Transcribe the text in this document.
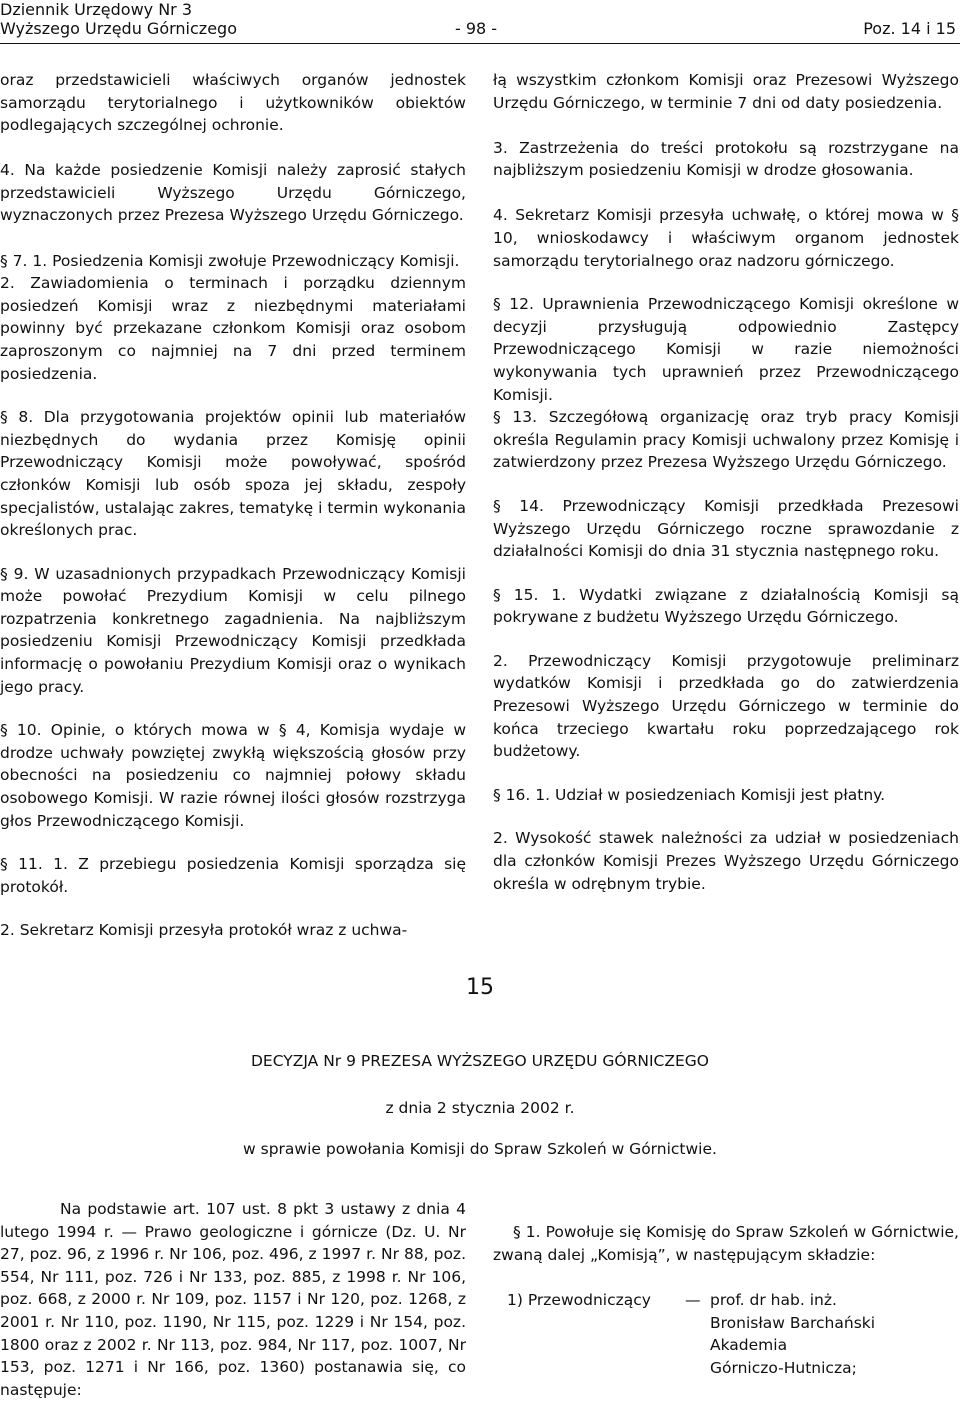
Dziennik Urzędowy Nr 3
Wyższego Urzędu Górniczego	- 98 -	Poz. 14 i 15

oraz przedstawicieli właściwych organów jednostek samorządu terytorialnego i użytkowników obiektów podlegających szczególnej ochronie.

4. Na każde posiedzenie Komisji należy zaprosić stałych przedstawicieli Wyższego Urzędu Górniczego, wyznaczonych przez Prezesa Wyższego Urzędu Górniczego.

§ 7. 1. Posiedzenia Komisji zwołuje Przewodniczący Komisji.

2. Zawiadomienia o terminach i porządku dziennym posiedzeń Komisji wraz z niezbędnymi materiałami powinny być przekazane członkom Komisji oraz osobom zaproszonym co najmniej na 7 dni przed terminem posiedzenia.

§ 8. Dla przygotowania projektów opinii lub materiałów niezbędnych do wydania przez Komisję opinii Przewodniczący Komisji może powoływać, spośród członków Komisji lub osób spoza jej składu, zespoły specjalistów, ustalając zakres, tematykę i termin wykonania określonych prac.

§ 9. W uzasadnionych przypadkach Przewodniczący Komisji może powołać Prezydium Komisji w celu pilnego rozpatrzenia konkretnego zagadnienia. Na najbliższym posiedzeniu Komisji Przewodniczący Komisji przedkłada informację o powołaniu Prezydium Komisji oraz o wynikach jego pracy.

§ 10. Opinie, o których mowa w § 4, Komisja wydaje w drodze uchwały powziętej zwykłą większością głosów przy obecności na posiedzeniu co najmniej połowy składu osobowego Komisji. W razie równej ilości głosów rozstrzyga głos Przewodniczącego Komisji.

§ 11. 1. Z przebiegu posiedzenia Komisji sporządza się protokół.

2. Sekretarz Komisji przesyła protokół wraz z uchwa-

łą wszystkim członkom Komisji oraz Prezesowi Wyższego Urzędu Górniczego, w terminie 7 dni od daty posiedzenia.

3. Zastrzeżenia do treści protokołu są rozstrzygane na najbliższym posiedzeniu Komisji w drodze głosowania.

4. Sekretarz Komisji przesyła uchwałę, o której mowa w § 10, wnioskodawcy i właściwym organom jednostek samorządu terytorialnego oraz nadzoru górniczego.

§ 12. Uprawnienia Przewodniczącego Komisji określone w decyzji przysługują odpowiednio Zastępcy Przewodniczącego Komisji w razie niemożności wykonywania tych uprawnień przez Przewodniczącego Komisji.

§ 13. Szczegółową organizację oraz tryb pracy Komisji określa Regulamin pracy Komisji uchwalony przez Komisję i zatwierdzony przez Prezesa Wyższego Urzędu Górniczego.

§ 14. Przewodniczący Komisji przedkłada Prezesowi Wyższego Urzędu Górniczego roczne sprawozdanie z działalności Komisji do dnia 31 stycznia następnego roku.

§ 15. 1. Wydatki związane z działalnością Komisji są pokrywane z budżetu Wyższego Urzędu Górniczego.

2. Przewodniczący Komisji przygotowuje preliminarz wydatków Komisji i przedkłada go do zatwierdzenia Prezesowi Wyższego Urzędu Górniczego w terminie do końca trzeciego kwartału roku poprzedzającego rok budżetowy.

§ 16. 1. Udział w posiedzeniach Komisji jest płatny.

2. Wysokość stawek należności za udział w posiedzeniach dla członków Komisji Prezes Wyższego Urzędu Górniczego określa w odrębnym trybie.

15
DECYZJA Nr 9 PREZESA WYŻSZEGO URZĘDU GÓRNICZEGO
z dnia 2 stycznia 2002 r.
w sprawie powołania Komisji do Spraw Szkoleń w Górnictwie.

Na podstawie art. 107 ust. 8 pkt 3 ustawy z dnia 4 lutego 1994 r. — Prawo geologiczne i górnicze (Dz. U. Nr 27, poz. 96, z 1996 r. Nr 106, poz. 496, z 1997 r. Nr 88, poz. 554, Nr 111, poz. 726 i Nr 133, poz. 885, z 1998 r. Nr 106, poz. 668, z 2000 r. Nr 109, poz. 1157 i Nr 120, poz. 1268, z 2001 r. Nr 110, poz. 1190, Nr 115, poz. 1229 i Nr 154, poz. 1800 oraz z 2002 r. Nr 113, poz. 984, Nr 117, poz. 1007, Nr 153, poz. 1271 i Nr 166, poz. 1360) postanawia się, co następuje:

§ 1. Powołuje się Komisję do Spraw Szkoleń w Górnictwie, zwaną dalej „Komisją”, w następującym składzie:

1) Przewodniczący — prof. dr hab. inż.
Bronisław Barchański
Akademia
Górniczo-Hutnicza;
